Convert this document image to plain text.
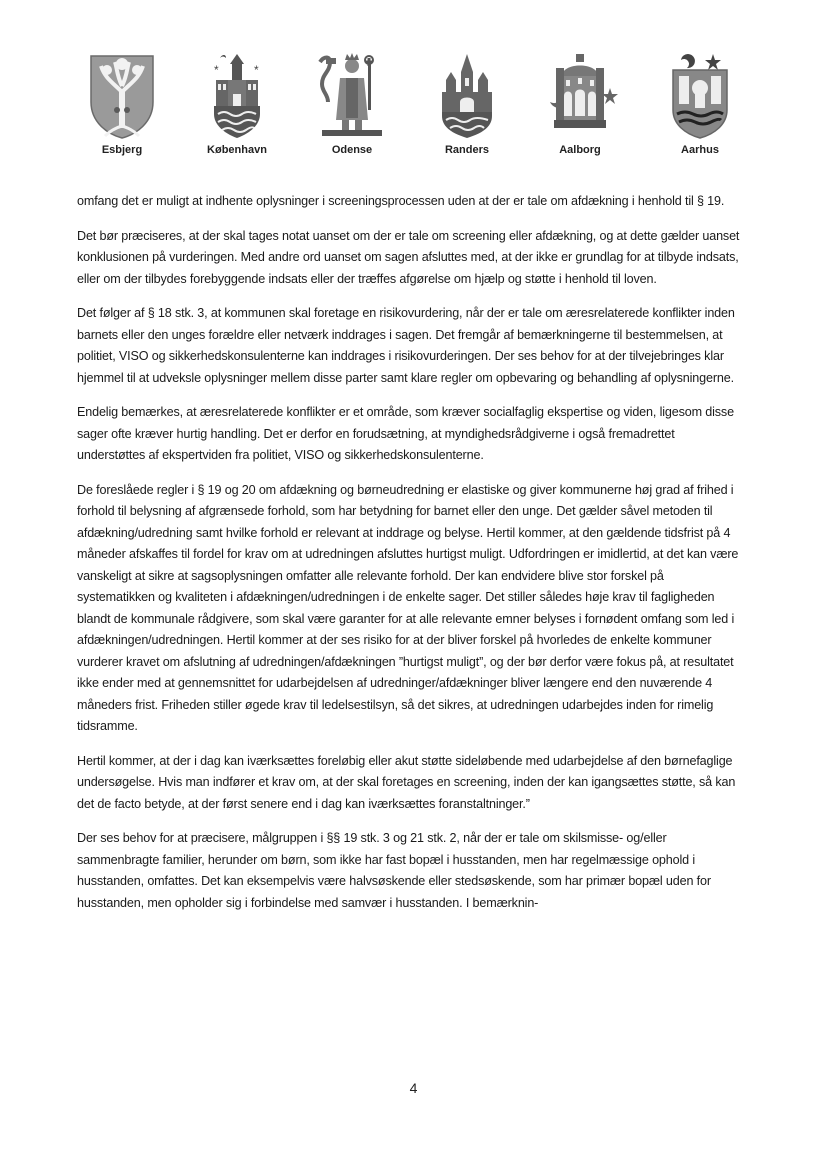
Esbjerg
*	*
København	Odense	Randers	Aalborg	Aarhus

omfang det er muligt at indhente oplysninger i screeningsprocessen uden at der er tale om afdækning i henhold til § 19.

Det bør præciseres, at der skal tages notat uanset om der er tale om screening eller afdækning, og at dette gælder uanset konklusionen på vurderingen. Med andre ord uanset om sagen afsluttes med, at der ikke er grundlag for at tilbyde indsats, eller om der tilbydes forebyggende indsats eller der træffes afgørelse om hjælp og støtte i henhold til loven.

Det følger af § 18 stk. 3, at kommunen skal foretage en risikovurdering, når der er tale om æresrelaterede konflikter inden barnets eller den unges forældre eller netværk inddrages i sagen. Det fremgår af bemærkningerne til bestemmelsen, at politiet, VISO og sikkerhedskonsulenterne kan inddrages i risikovurderingen. Der ses behov for at der tilvejebringes klar hjemmel til at udveksle oplysninger mellem disse parter samt klare regler om opbevaring og behandling af oplysningerne.

Endelig bemærkes, at æresrelaterede konflikter er et område, som kræver socialfaglig ekspertise og viden, ligesom disse sager ofte kræver hurtig handling. Det er derfor en forudsætning, at myndighedsrådgiverne i også fremadrettet understøttes af ekspertviden fra politiet, VISO og sikkerhedskonsulenterne.

De foreslåede regler i § 19 og 20 om afdækning og børneudredning er elastiske og giver kommunerne høj grad af frihed i forhold til belysning af afgrænsede forhold, som har betydning for barnet eller den unge. Det gælder såvel metoden til afdækning/udredning samt hvilke forhold er relevant at inddrage og belyse. Hertil kommer, at den gældende tidsfrist på 4 måneder afskaffes til fordel for krav om at udredningen afsluttes hurtigst muligt. Udfordringen er imidlertid, at det kan være vanskeligt at sikre at sagsoplysningen omfatter alle relevante forhold. Der kan endvidere blive stor forskel på systematikken og kvaliteten i afdækningen/udredningen i de enkelte sager. Det stiller således høje krav til fagligheden blandt de kommunale rådgivere, som skal være garanter for at alle relevante emner belyses i fornødent omfang som led i afdækningen/udredningen. Hertil kommer at der ses risiko for at der bliver forskel på hvorledes de enkelte kommuner vurderer kravet om afslutning af udredningen/afdækningen ”hurtigst muligt”, og der bør derfor være fokus på, at resultatet ikke ender med at gennemsnittet for udarbejdelsen af udredninger/afdækninger bliver længere end den nuværende 4 måneders frist. Friheden stiller øgede krav til ledelsestilsyn, så det sikres, at udredningen udarbejdes inden for rimelig tidsramme.

Hertil kommer, at der i dag kan iværksættes foreløbig eller akut støtte sideløbende med udarbejdelse af den børnefaglige undersøgelse. Hvis man indfører et krav om, at der skal foretages en screening, inden der kan igangsættes støtte, så kan det de facto betyde, at der først senere end i dag kan iværksættes foranstaltninger.”

Der ses behov for at præcisere, målgruppen i §§ 19 stk. 3 og 21 stk. 2, når der er tale om skilsmisse- og/eller sammenbragte familier, herunder om børn, som ikke har fast bopæl i husstanden, men har regelmæssige ophold i husstanden, omfattes. Det kan eksempelvis være halvsøskende eller stedsøskende, som har primær bopæl uden for husstanden, men opholder sig i forbindelse med samvær i husstanden. I bemærknin-

4
